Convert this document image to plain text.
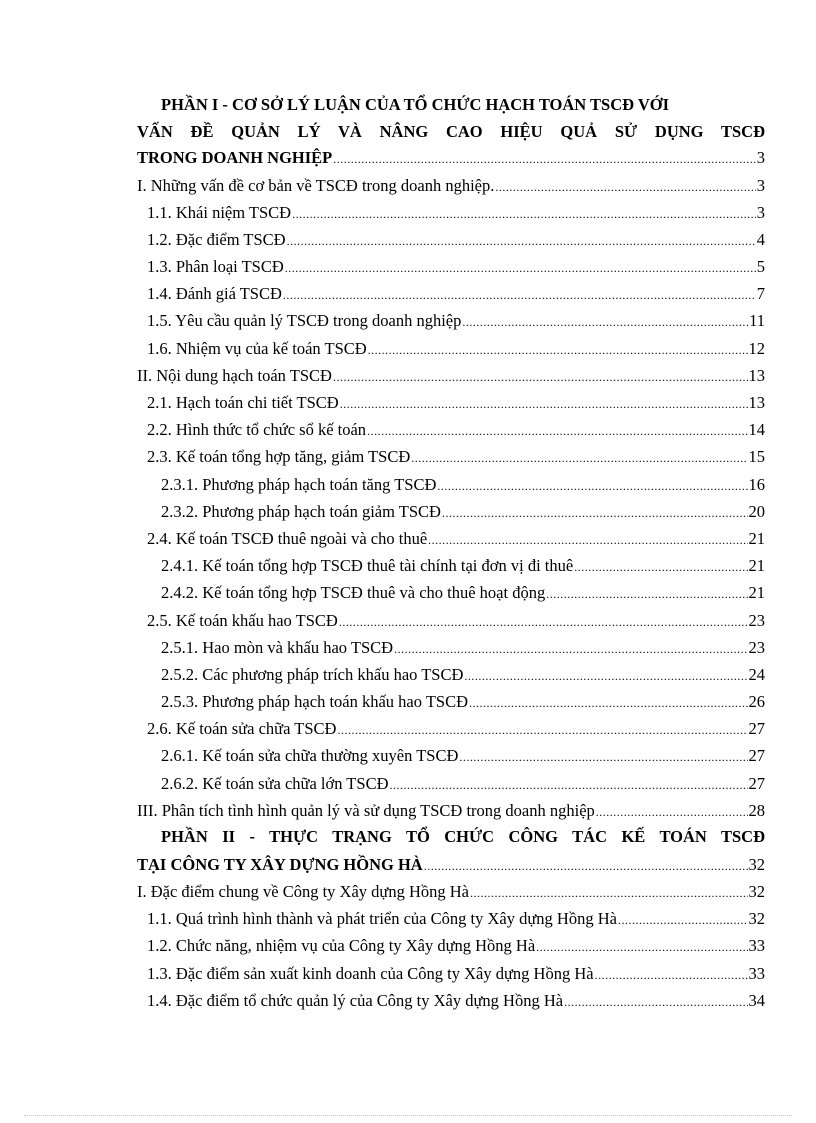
PHẦN I - CƠ SỞ LÝ LUẬN CỦA TỔ CHỨC HẠCH TOÁN TSCĐ VỚI
VẤN ĐỀ QUẢN LÝ VÀ NÂNG CAO HIỆU QUẢ SỬ DỤNG TSCĐ
TRONG DOANH NGHIỆP .....	3
I. Những vấn đề cơ bản về TSCĐ trong doanh nghiệp. .....	3
1.1. Khái niệm TSCĐ .....	3
1.2. Đặc điểm TSCĐ .....	4
1.3. Phân loại TSCĐ .....	5
1.4. Đánh giá TSCĐ .....	7
1.5. Yêu cầu quản lý TSCĐ trong doanh nghiệp .....	11
1.6. Nhiệm vụ của kế toán TSCĐ .....	12
II. Nội dung hạch toán TSCĐ .....	13
2.1. Hạch toán chi tiết TSCĐ .....	13
2.2. Hình thức tổ chức sổ kế toán .....	14
2.3. Kế toán tổng hợp tăng, giảm TSCĐ .....	15
2.3.1. Phương pháp hạch toán tăng TSCĐ .....	16
2.3.2. Phương pháp hạch toán giảm TSCĐ .....	20
2.4. Kế toán TSCĐ thuê ngoài và cho thuê .....	21
2.4.1. Kế toán tổng hợp TSCĐ thuê tài chính tại đơn vị đi thuê .....	21
2.4.2. Kế toán tổng hợp TSCĐ thuê và cho thuê hoạt động .....	21
2.5. Kế toán khấu hao TSCĐ .....	23
2.5.1. Hao mòn và khấu hao TSCĐ .....	23
2.5.2. Các phương pháp trích khấu hao TSCĐ .....	24
2.5.3. Phương pháp hạch toán khấu hao TSCĐ .....	26
2.6. Kế toán sửa chữa TSCĐ .....	27
2.6.1. Kế toán sửa chữa thường xuyên TSCĐ .....	27
2.6.2. Kế toán sửa chữa lớn TSCĐ .....	27
III. Phân tích tình hình quản lý và sử dụng TSCĐ trong doanh nghiệp .....	28
PHẦN II - THỰC TRẠNG TỔ CHỨC CÔNG TÁC KẾ TOÁN TSCĐ
TẠI CÔNG TY XÂY DỰNG HỒNG HÀ .....	32
I. Đặc điểm chung về Công ty Xây dựng Hồng Hà .....	32
1.1. Quá trình hình thành và phát triển của Công ty Xây dựng Hồng Hà .....	32
1.2. Chức năng, nhiệm vụ của Công ty Xây dựng Hồng Hà .....	33
1.3. Đặc điểm sản xuất kinh doanh của Công ty Xây dựng Hồng Hà .....	33
1.4. Đặc điểm tổ chức quản lý của Công ty Xây dựng Hồng Hà .....	34
